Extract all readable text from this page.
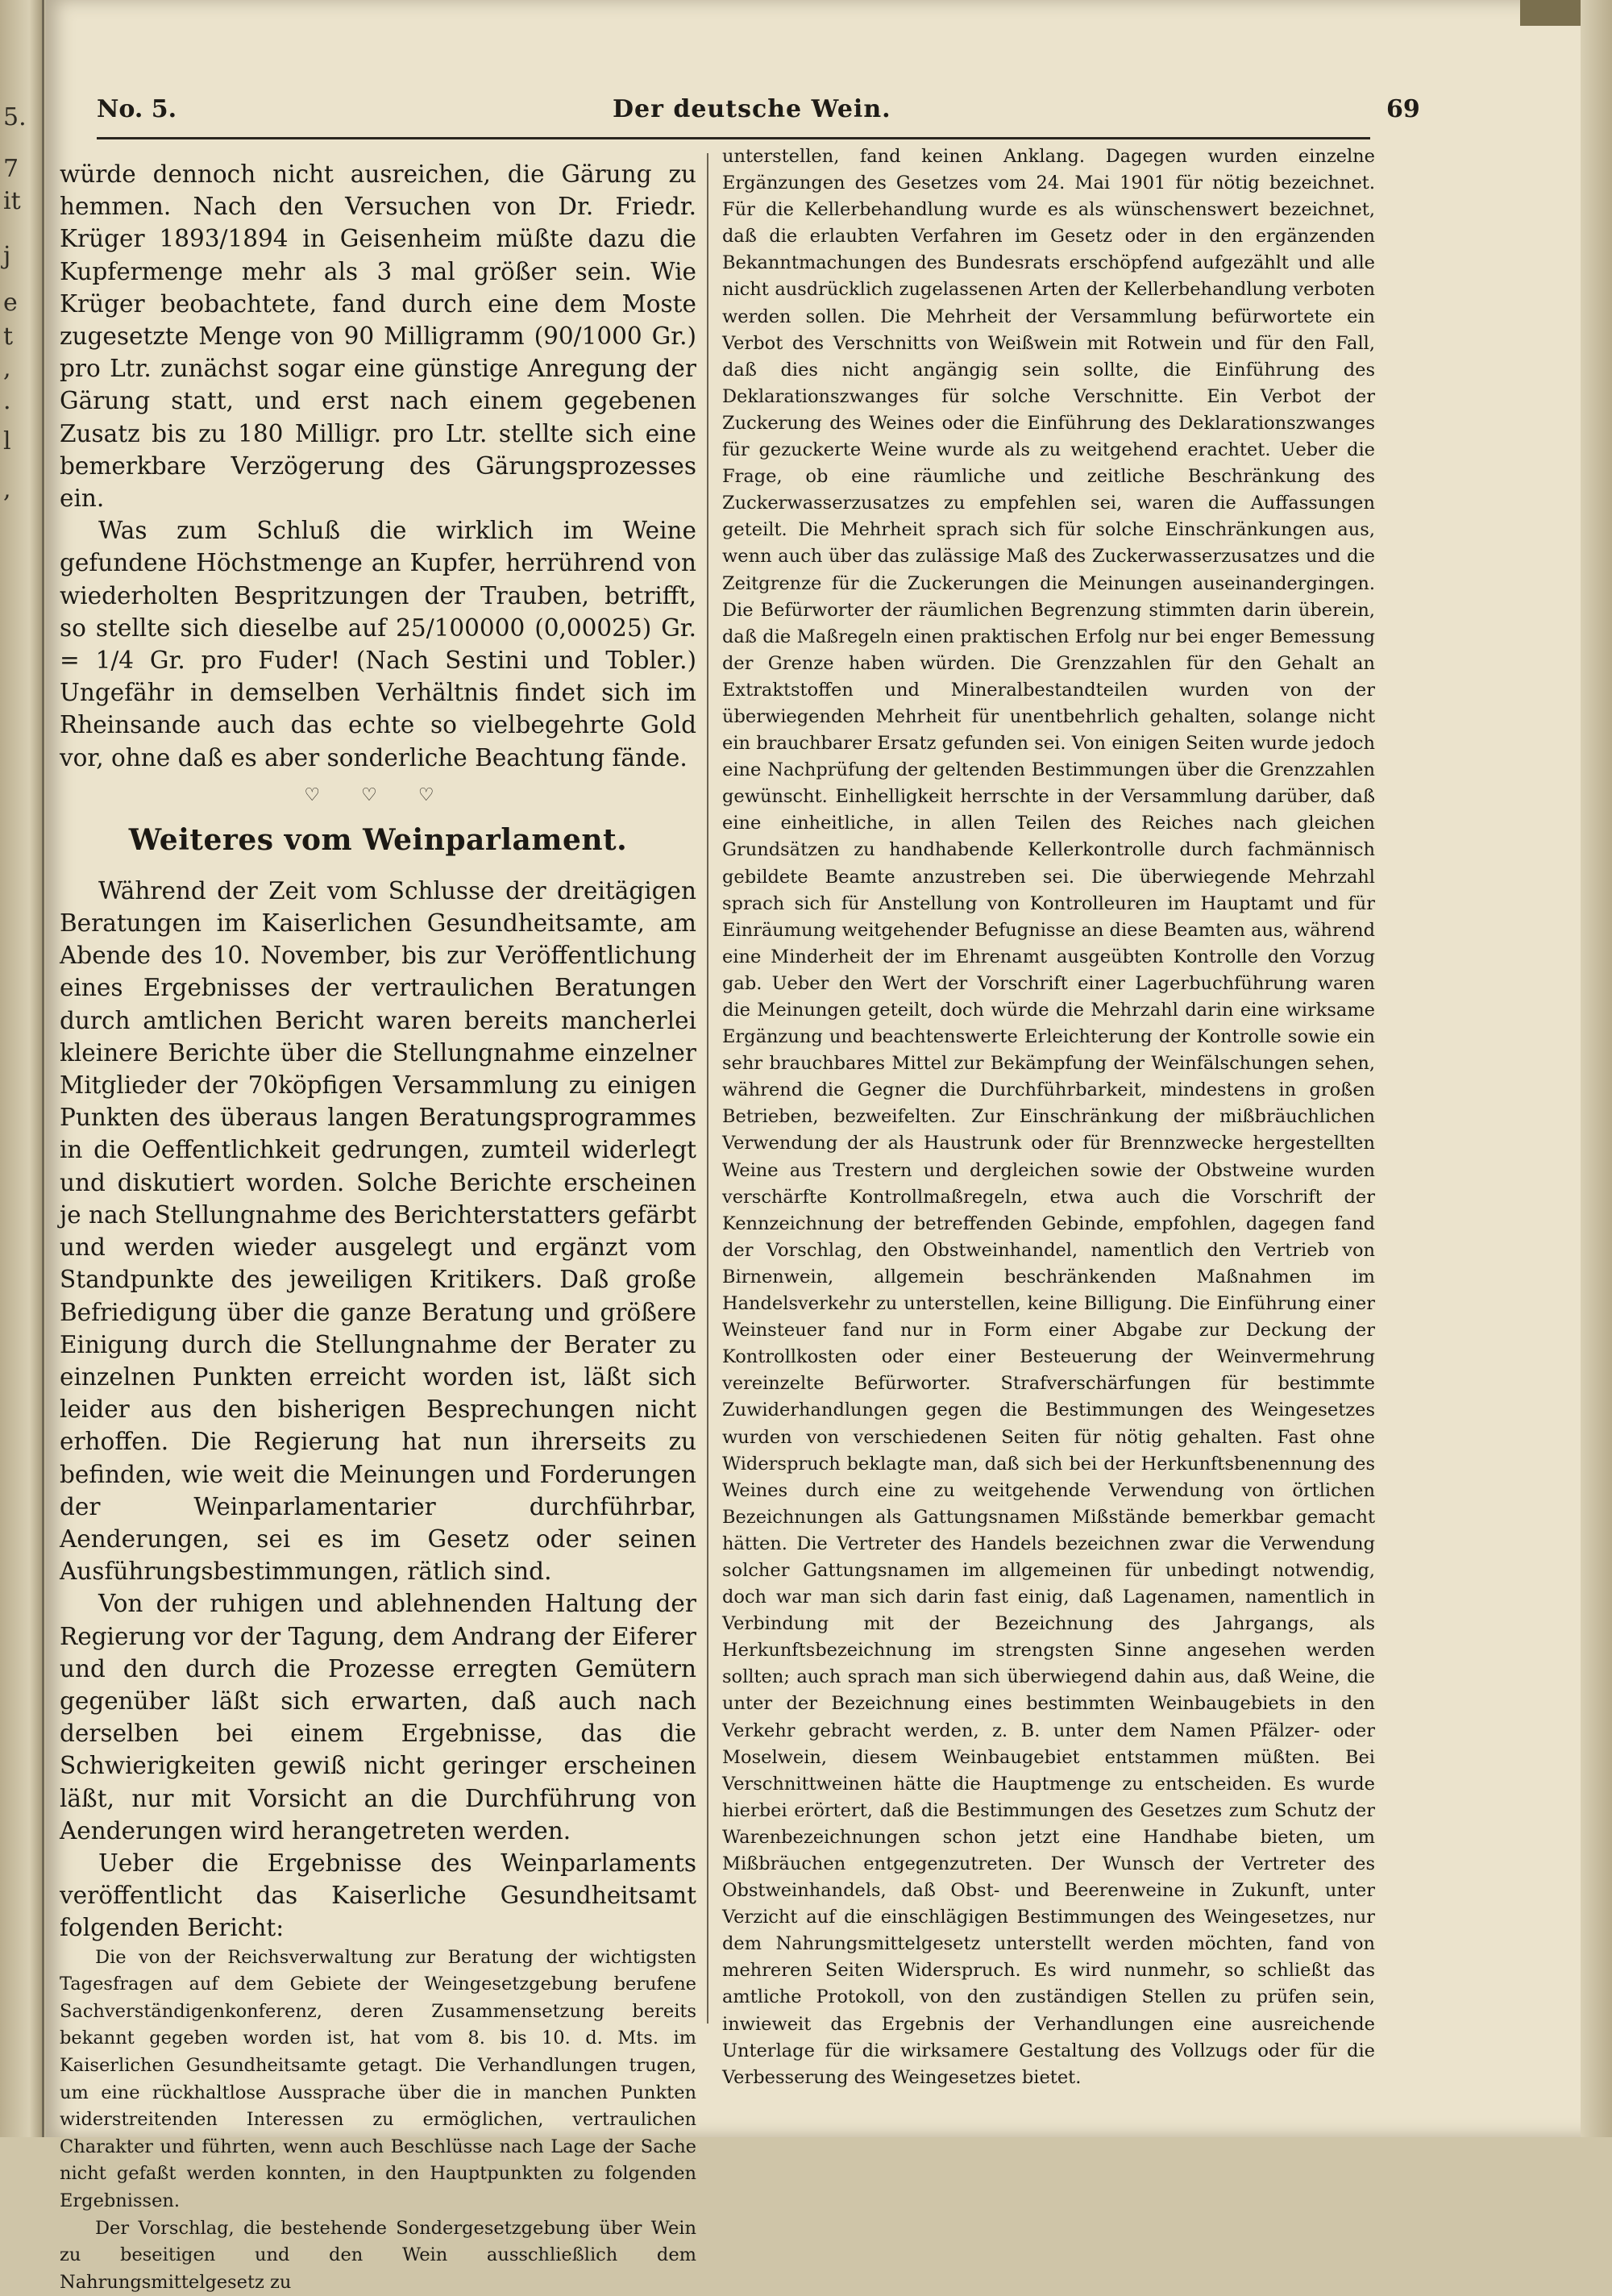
5.
7
it
j
e
t
,
.
l
,
No. 5.	Der deutsche Wein.	69

würde dennoch nicht ausreichen, die Gärung zu hemmen. Nach den Versuchen von Dr. Friedr. Krüger 1893/1894 in Geisenheim müßte dazu die Kupfermenge mehr als 3 mal größer sein. Wie Krüger beobachtete, fand durch eine dem Moste zugesetzte Menge von 90 Milligramm (90/1000 Gr.) pro Ltr. zunächst sogar eine günstige Anregung der Gärung statt, und erst nach einem gegebenen Zusatz bis zu 180 Milligr. pro Ltr. stellte sich eine bemerkbare Verzögerung des Gärungsprozesses ein.

Was zum Schluß die wirklich im Weine gefundene Höchstmenge an Kupfer, herrührend von wiederholten Bespritzungen der Trauben, betrifft, so stellte sich dieselbe auf 25/100000 (0,00025) Gr. = 1/4 Gr. pro Fuder! (Nach Sestini und Tobler.) Ungefähr in demselben Verhältnis findet sich im Rheinsande auch das echte so vielbegehrte Gold vor, ohne daß es aber sonderliche Beachtung fände.

♡ ♡ ♡
Weiteres vom Weinparlament.

Während der Zeit vom Schlusse der dreitägigen Beratungen im Kaiserlichen Gesundheitsamte, am Abende des 10. November, bis zur Veröffentlichung eines Ergebnisses der vertraulichen Beratungen durch amtlichen Bericht waren bereits mancherlei kleinere Berichte über die Stellungnahme einzelner Mitglieder der 70köpfigen Versammlung zu einigen Punkten des überaus langen Beratungsprogrammes in die Oeffentlichkeit gedrungen, zumteil widerlegt und diskutiert worden. Solche Berichte erscheinen je nach Stellungnahme des Berichterstatters gefärbt und werden wieder ausgelegt und ergänzt vom Standpunkte des jeweiligen Kritikers. Daß große Befriedigung über die ganze Beratung und größere Einigung durch die Stellungnahme der Berater zu einzelnen Punkten erreicht worden ist, läßt sich leider aus den bisherigen Besprechungen nicht erhoffen. Die Regierung hat nun ihrerseits zu befinden, wie weit die Meinungen und Forderungen der Weinparlamentarier durchführbar, Aenderungen, sei es im Gesetz oder seinen Ausführungsbestimmungen, rätlich sind.

Von der ruhigen und ablehnenden Haltung der Regierung vor der Tagung, dem Andrang der Eiferer und den durch die Prozesse erregten Gemütern gegenüber läßt sich erwarten, daß auch nach derselben bei einem Ergebnisse, das die Schwierigkeiten gewiß nicht geringer erscheinen läßt, nur mit Vorsicht an die Durchführung von Aenderungen wird herangetreten werden.

Ueber die Ergebnisse des Weinparlaments veröffentlicht das Kaiserliche Gesundheitsamt folgenden Bericht:

Die von der Reichsverwaltung zur Beratung der wichtigsten Tagesfragen auf dem Gebiete der Weingesetzgebung berufene Sachverständigenkonferenz, deren Zusammensetzung bereits bekannt gegeben worden ist, hat vom 8. bis 10. d. Mts. im Kaiserlichen Gesundheitsamte getagt. Die Verhandlungen trugen, um eine rückhaltlose Aussprache über die in manchen Punkten widerstreitenden Interessen zu ermöglichen, vertraulichen Charakter und führten, wenn auch Beschlüsse nach Lage der Sache nicht gefaßt werden konnten, in den Hauptpunkten zu folgenden Ergebnissen.

Der Vorschlag, die bestehende Sondergesetzgebung über Wein zu beseitigen und den Wein ausschließlich dem Nahrungsmittelgesetz zu

unterstellen, fand keinen Anklang. Dagegen wurden einzelne Ergänzungen des Gesetzes vom 24. Mai 1901 für nötig bezeichnet. Für die Kellerbehandlung wurde es als wünschenswert bezeichnet, daß die erlaubten Verfahren im Gesetz oder in den ergänzenden Bekanntmachungen des Bundesrats erschöpfend aufgezählt und alle nicht ausdrücklich zugelassenen Arten der Kellerbehandlung verboten werden sollen. Die Mehrheit der Versammlung befürwortete ein Verbot des Verschnitts von Weißwein mit Rotwein und für den Fall, daß dies nicht angängig sein sollte, die Einführung des Deklarationszwanges für solche Verschnitte. Ein Verbot der Zuckerung des Weines oder die Einführung des Deklarationszwanges für gezuckerte Weine wurde als zu weitgehend erachtet. Ueber die Frage, ob eine räumliche und zeitliche Beschränkung des Zuckerwasserzusatzes zu empfehlen sei, waren die Auffassungen geteilt. Die Mehrheit sprach sich für solche Einschränkungen aus, wenn auch über das zulässige Maß des Zuckerwasserzusatzes und die Zeitgrenze für die Zuckerungen die Meinungen auseinandergingen. Die Befürworter der räumlichen Begrenzung stimmten darin überein, daß die Maßregeln einen praktischen Erfolg nur bei enger Bemessung der Grenze haben würden. Die Grenzzahlen für den Gehalt an Extraktstoffen und Mineralbestandteilen wurden von der überwiegenden Mehrheit für unentbehrlich gehalten, solange nicht ein brauchbarer Ersatz gefunden sei. Von einigen Seiten wurde jedoch eine Nachprüfung der geltenden Bestimmungen über die Grenzzahlen gewünscht. Einhelligkeit herrschte in der Versammlung darüber, daß eine einheitliche, in allen Teilen des Reiches nach gleichen Grundsätzen zu handhabende Kellerkontrolle durch fachmännisch gebildete Beamte anzustreben sei. Die überwiegende Mehrzahl sprach sich für Anstellung von Kontrolleuren im Hauptamt und für Einräumung weitgehender Befugnisse an diese Beamten aus, während eine Minderheit der im Ehrenamt ausgeübten Kontrolle den Vorzug gab. Ueber den Wert der Vorschrift einer Lagerbuchführung waren die Meinungen geteilt, doch würde die Mehrzahl darin eine wirksame Ergänzung und beachtenswerte Erleichterung der Kontrolle sowie ein sehr brauchbares Mittel zur Bekämpfung der Weinfälschungen sehen, während die Gegner die Durchführbarkeit, mindestens in großen Betrieben, bezweifelten. Zur Einschränkung der mißbräuchlichen Verwendung der als Haustrunk oder für Brennzwecke hergestellten Weine aus Trestern und dergleichen sowie der Obstweine wurden verschärfte Kontrollmaßregeln, etwa auch die Vorschrift der Kennzeichnung der betreffenden Gebinde, empfohlen, dagegen fand der Vorschlag, den Obstweinhandel, namentlich den Vertrieb von Birnenwein, allgemein beschränkenden Maßnahmen im Handelsverkehr zu unterstellen, keine Billigung. Die Einführung einer Weinsteuer fand nur in Form einer Abgabe zur Deckung der Kontrollkosten oder einer Besteuerung der Weinvermehrung vereinzelte Befürworter. Strafverschärfungen für bestimmte Zuwiderhandlungen gegen die Bestimmungen des Weingesetzes wurden von verschiedenen Seiten für nötig gehalten. Fast ohne Widerspruch beklagte man, daß sich bei der Herkunftsbenennung des Weines durch eine zu weitgehende Verwendung von örtlichen Bezeichnungen als Gattungsnamen Mißstände bemerkbar gemacht hätten. Die Vertreter des Handels bezeichnen zwar die Verwendung solcher Gattungsnamen im allgemeinen für unbedingt notwendig, doch war man sich darin fast einig, daß Lagenamen, namentlich in Verbindung mit der Bezeichnung des Jahrgangs, als Herkunftsbezeichnung im strengsten Sinne angesehen werden sollten; auch sprach man sich überwiegend dahin aus, daß Weine, die unter der Bezeichnung eines bestimmten Weinbaugebiets in den Verkehr gebracht werden, z. B. unter dem Namen Pfälzer- oder Moselwein, diesem Weinbaugebiet entstammen müßten. Bei Verschnittweinen hätte die Hauptmenge zu entscheiden. Es wurde hierbei erörtert, daß die Bestimmungen des Gesetzes zum Schutz der Warenbezeichnungen schon jetzt eine Handhabe bieten, um Mißbräuchen entgegenzutreten. Der Wunsch der Vertreter des Obstweinhandels, daß Obst- und Beerenweine in Zukunft, unter Verzicht auf die einschlägigen Bestimmungen des Weingesetzes, nur dem Nahrungsmittelgesetz unterstellt werden möchten, fand von mehreren Seiten Widerspruch. Es wird nunmehr, so schließt das amtliche Protokoll, von den zuständigen Stellen zu prüfen sein, inwieweit das Ergebnis der Verhandlungen eine ausreichende Unterlage für die wirksamere Gestaltung des Vollzugs oder für die Verbesserung des Weingesetzes bietet.
